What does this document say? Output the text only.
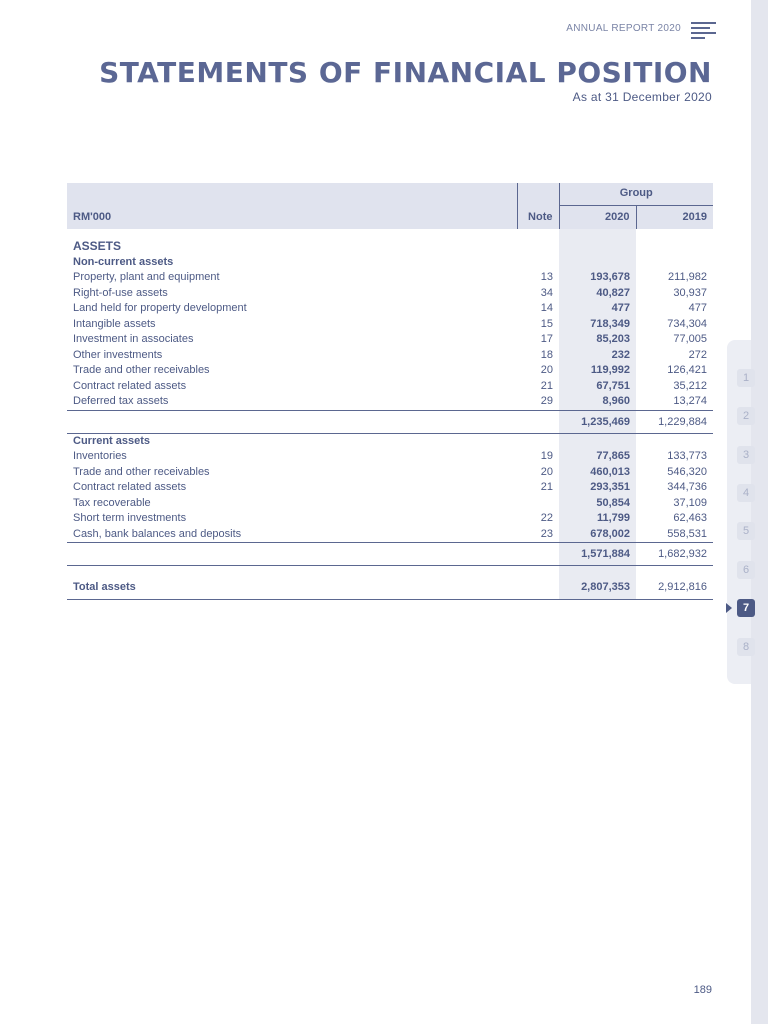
ANNUAL REPORT 2020
STATEMENTS OF FINANCIAL POSITION
As at 31 December 2020
		Group	
RM'000	Note	2020	2019

ASSETS			
Non-current assets			
Property, plant and equipment	13	193,678	211,982
Right-of-use assets	34	40,827	30,937
Land held for property development	14	477	477
Intangible assets	15	718,349	734,304
Investment in associates	17	85,203	77,005
Other investments	18	232	272
Trade and other receivables	20	119,992	126,421
Contract related assets	21	67,751	35,212
Deferred tax assets	29	8,960	13,274
		1,235,469	1,229,884
Current assets			
Inventories	19	77,865	133,773
Trade and other receivables	20	460,013	546,320
Contract related assets	21	293,351	344,736
Tax recoverable		50,854	37,109
Short term investments	22	11,799	62,463
Cash, bank balances and deposits	23	678,002	558,531
		1,571,884	1,682,932

Total assets		2,807,353	2,912,816
1
2
3
4
5
6
7
8
189
